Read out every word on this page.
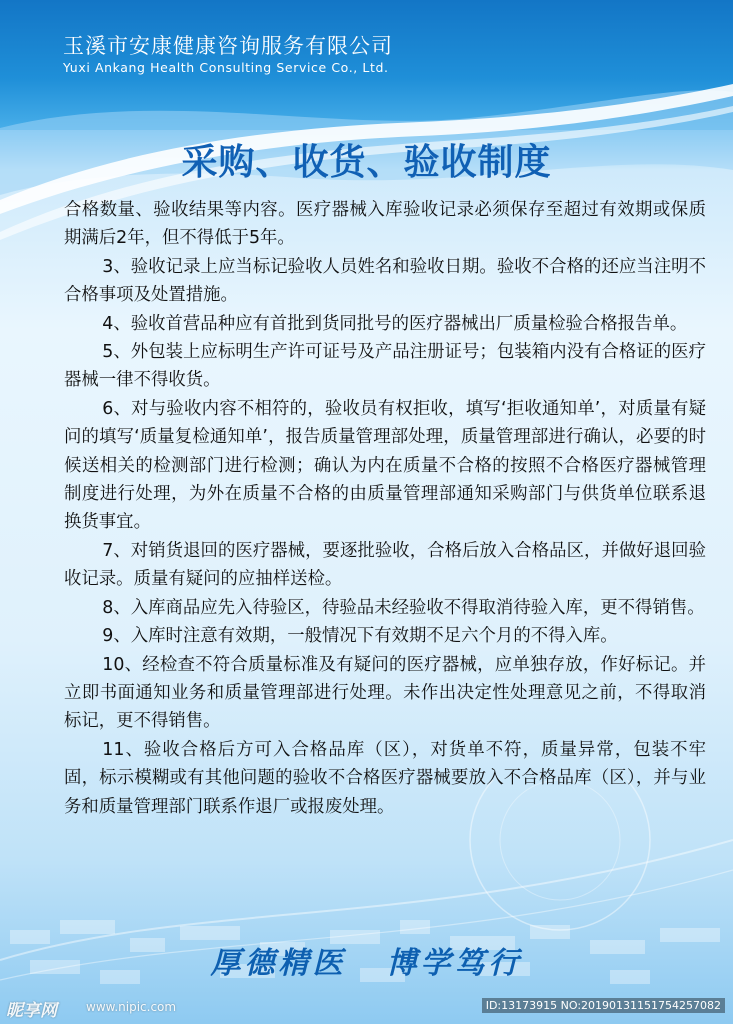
玉溪市安康健康咨询服务有限公司
Yuxi Ankang Health Consulting Service Co., Ltd.
采购、收货、验收制度

合格数量、验收结果等内容。医疗器械入库验收记录必须保存至超过有效期或保质期满后2年，但不得低于5年。

3、验收记录上应当标记验收人员姓名和验收日期。验收不合格的还应当注明不合格事项及处置措施。

4、验收首营品种应有首批到货同批号的医疗器械出厂质量检验合格报告单。

5、外包装上应标明生产许可证号及产品注册证号；包装箱内没有合格证的医疗器械一律不得收货。

6、对与验收内容不相符的，验收员有权拒收，填写‘拒收通知单’，对质量有疑问的填写‘质量复检通知单’，报告质量管理部处理，质量管理部进行确认，必要的时候送相关的检测部门进行检测；确认为内在质量不合格的按照不合格医疗器械管理制度进行处理，为外在质量不合格的由质量管理部通知采购部门与供货单位联系退换货事宜。

7、对销货退回的医疗器械，要逐批验收，合格后放入合格品区，并做好退回验收记录。质量有疑问的应抽样送检。

8、入库商品应先入待验区，待验品未经验收不得取消待验入库，更不得销售。

9、入库时注意有效期，一般情况下有效期不足六个月的不得入库。

10、经检查不符合质量标准及有疑问的医疗器械，应单独存放，作好标记。并立即书面通知业务和质量管理部进行处理。未作出决定性处理意见之前，不得取消标记，更不得销售。

11、验收合格后方可入合格品库（区），对货单不符，质量异常，包装不牢固，标示模糊或有其他问题的验收不合格医疗器械要放入不合格品库（区），并与业务和质量管理部门联系作退厂或报废处理。

厚德精医 博学笃行
昵享网 www.nipic.com	ID:13173915 NO:20190131151754257082
